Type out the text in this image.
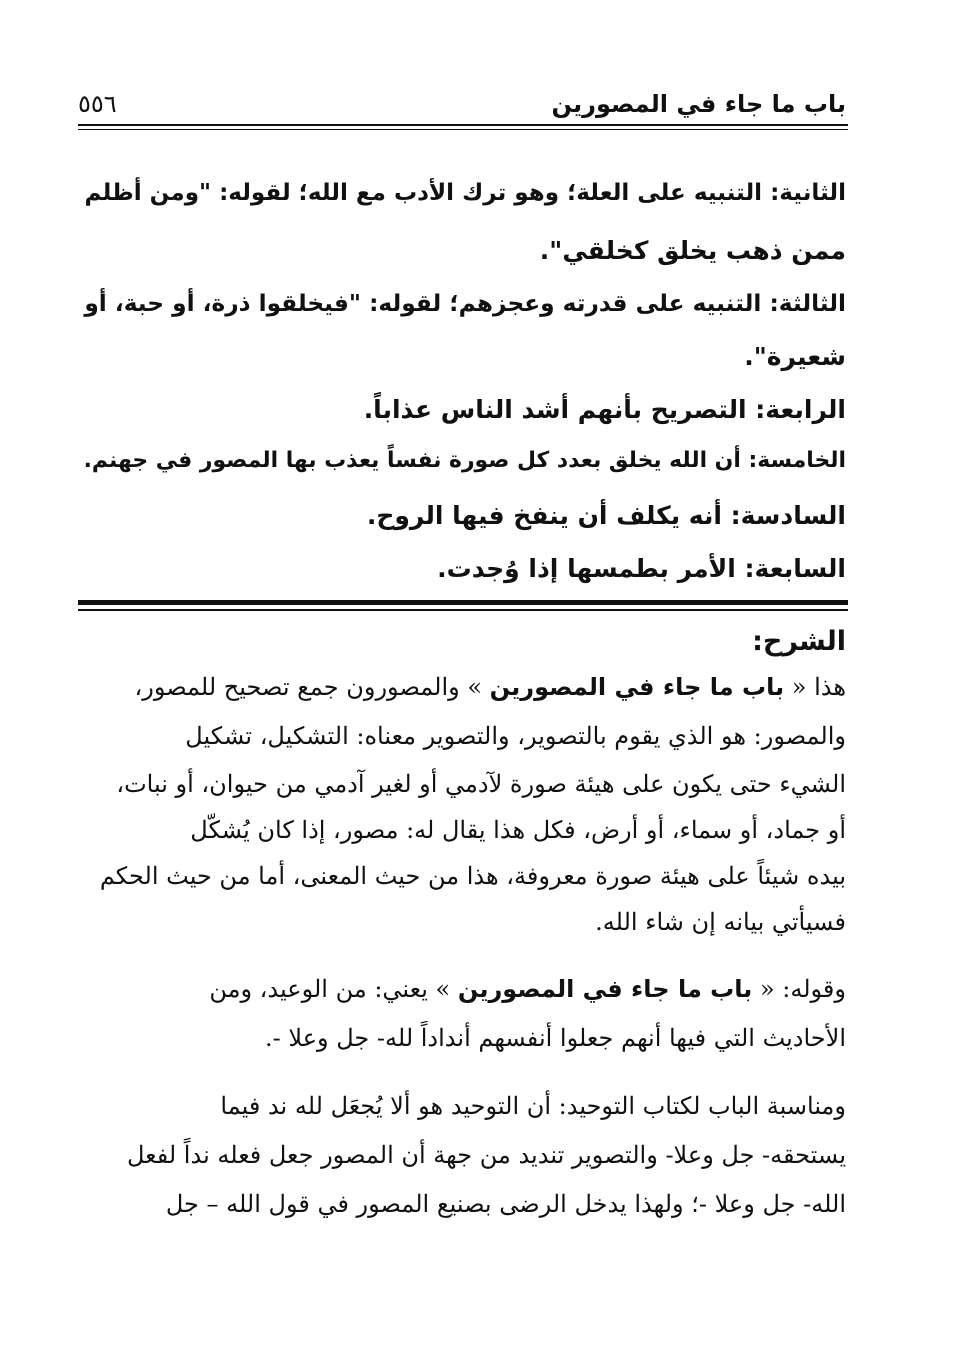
باب ما جاء في المصورين
٥٥٦
الثانية: التنبيه على العلة؛ وهو ترك الأدب مع الله؛ لقوله: "ومن أظلم
ممن ذهب يخلق كخلقي".
الثالثة: التنبيه على قدرته وعجزهم؛ لقوله: "فيخلقوا ذرة، أو حبة، أو
شعيرة".
الرابعة: التصريح بأنهم أشد الناس عذاباً.
الخامسة: أن الله يخلق بعدد كل صورة نفساً يعذب بها المصور في جهنم.
السادسة: أنه يكلف أن ينفخ فيها الروح.
السابعة: الأمر بطمسها إذا وُجدت.
الشرح:
هذا « باب ما جاء في المصورين » والمصورون جمع تصحيح للمصور،
والمصور: هو الذي يقوم بالتصوير، والتصوير معناه: التشكيل، تشكيل
الشيء حتى يكون على هيئة صورة لآدمي أو لغير آدمي من حيوان، أو نبات،
أو جماد، أو سماء، أو أرض، فكل هذا يقال له: مصور، إذا كان يُشكّل
بيده شيئاً على هيئة صورة معروفة، هذا من حيث المعنى، أما من حيث الحكم
فسيأتي بيانه إن شاء الله.
وقوله: « باب ما جاء في المصورين » يعني: من الوعيد، ومن
الأحاديث التي فيها أنهم جعلوا أنفسهم أنداداً لله- جل وعلا -.
ومناسبة الباب لكتاب التوحيد: أن التوحيد هو ألا يُجعَل لله ند فيما
يستحقه- جل وعلا- والتصوير تنديد من جهة أن المصور جعل فعله نداً لفعل
الله- جل وعلا -؛ ولهذا يدخل الرضى بصنيع المصور في قول الله – جل
